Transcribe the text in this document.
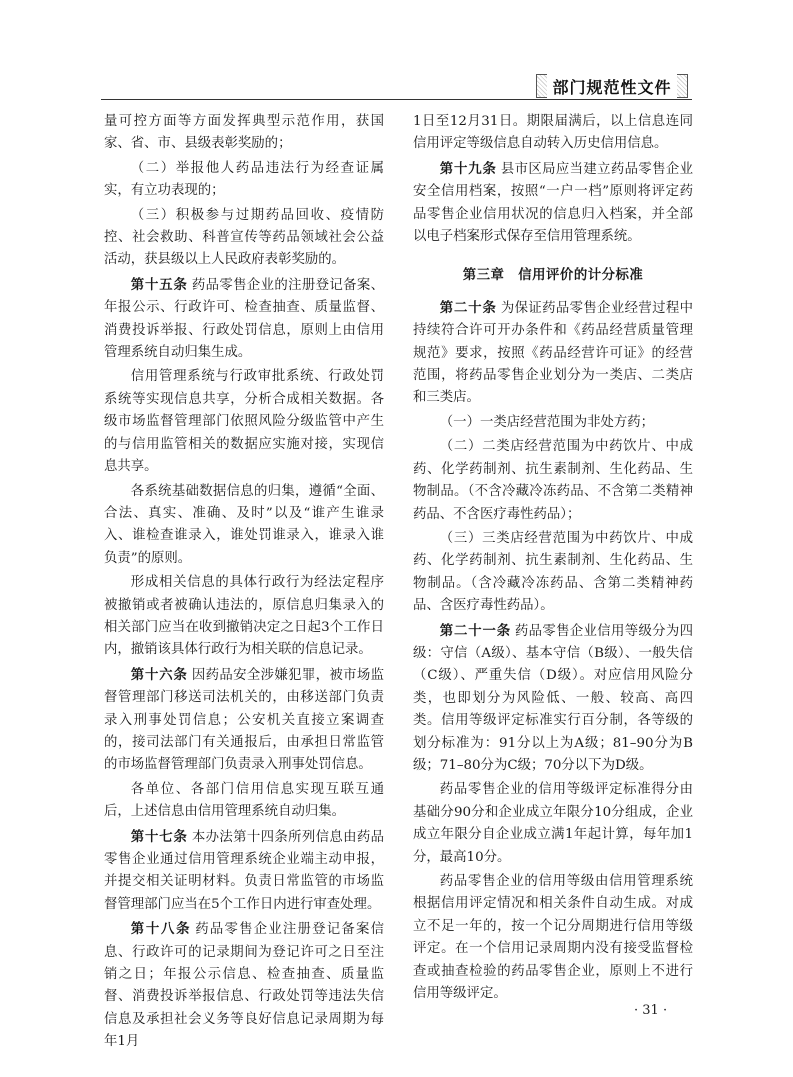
部门规范性文件

量可控方面等方面发挥典型示范作用，获国家、省、市、县级表彰奖励的；

（二）举报他人药品违法行为经查证属实，有立功表现的；

（三）积极参与过期药品回收、疫情防控、社会救助、科普宣传等药品领域社会公益活动，获县级以上人民政府表彰奖励的。

第十五条 药品零售企业的注册登记备案、年报公示、行政许可、检查抽查、质量监督、消费投诉举报、行政处罚信息，原则上由信用管理系统自动归集生成。

信用管理系统与行政审批系统、行政处罚系统等实现信息共享，分析合成相关数据。各级市场监督管理部门依照风险分级监管中产生的与信用监管相关的数据应实施对接，实现信息共享。

各系统基础数据信息的归集，遵循“全面、合法、真实、准确、及时”以及“谁产生谁录入、谁检查谁录入，谁处罚谁录入，谁录入谁负责”的原则。

形成相关信息的具体行政行为经法定程序被撤销或者被确认违法的，原信息归集录入的相关部门应当在收到撤销决定之日起3个工作日内，撤销该具体行政行为相关联的信息记录。

第十六条 因药品安全涉嫌犯罪，被市场监督管理部门移送司法机关的，由移送部门负责录入刑事处罚信息；公安机关直接立案调查的，接司法部门有关通报后，由承担日常监管的市场监督管理部门负责录入刑事处罚信息。

各单位、各部门信用信息实现互联互通后，上述信息由信用管理系统自动归集。

第十七条 本办法第十四条所列信息由药品零售企业通过信用管理系统企业端主动申报，并提交相关证明材料。负责日常监管的市场监督管理部门应当在5个工作日内进行审查处理。

第十八条 药品零售企业注册登记备案信息、行政许可的记录期间为登记许可之日至注销之日；年报公示信息、检查抽查、质量监督、消费投诉举报信息、行政处罚等违法失信信息及承担社会义务等良好信息记录周期为每年1月

1日至12月31日。期限届满后，以上信息连同信用评定等级信息自动转入历史信用信息。

第十九条 县市区局应当建立药品零售企业安全信用档案，按照“一户一档”原则将评定药品零售企业信用状况的信息归入档案，并全部以电子档案形式保存至信用管理系统。

第三章　信用评价的计分标准

第二十条 为保证药品零售企业经营过程中持续符合许可开办条件和《药品经营质量管理规范》要求，按照《药品经营许可证》的经营范围，将药品零售企业划分为一类店、二类店和三类店。

（一）一类店经营范围为非处方药；

（二）二类店经营范围为中药饮片、中成药、化学药制剂、抗生素制剂、生化药品、生物制品。（不含冷藏冷冻药品、不含第二类精神药品、不含医疗毒性药品）；

（三）三类店经营范围为中药饮片、中成药、化学药制剂、抗生素制剂、生化药品、生物制品。（含冷藏冷冻药品、含第二类精神药品、含医疗毒性药品）。

第二十一条 药品零售企业信用等级分为四级：守信（A级）、基本守信（B级）、一般失信（C级）、严重失信（D级）。对应信用风险分类，也即划分为风险低、一般、较高、高四类。信用等级评定标准实行百分制，各等级的划分标准为：91分以上为A级；81–90分为B级；71–80分为C级；70分以下为D级。

药品零售企业的信用等级评定标准得分由基础分90分和企业成立年限分10分组成，企业成立年限分自企业成立满1年起计算，每年加1分，最高10分。

药品零售企业的信用等级由信用管理系统根据信用评定情况和相关条件自动生成。对成立不足一年的，按一个记分周期进行信用等级评定。在一个信用记录周期内没有接受监督检查或抽查检验的药品零售企业，原则上不进行信用等级评定。

· 31 ·
